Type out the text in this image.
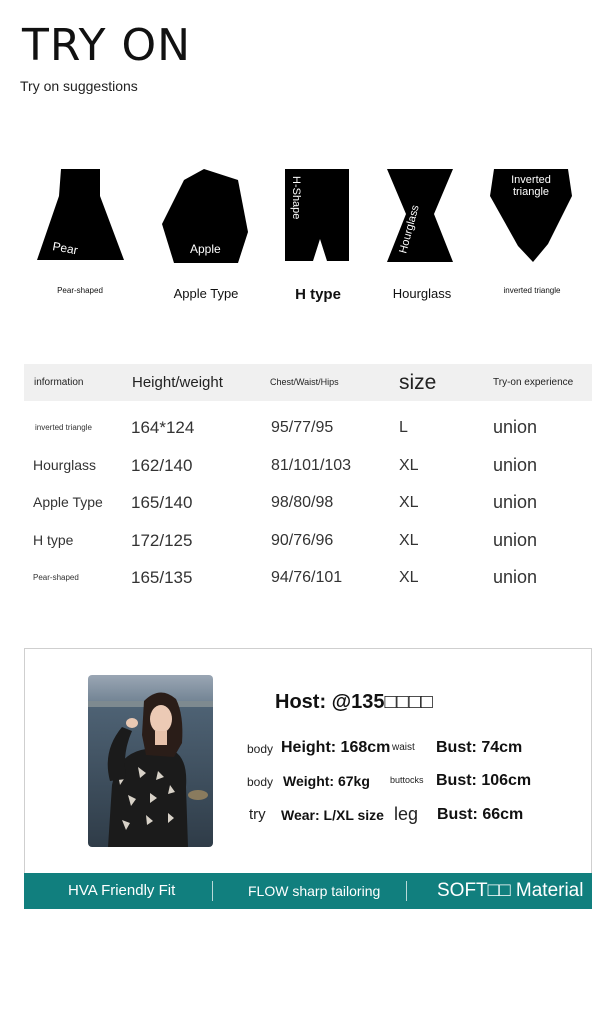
TRY ON
Try on suggestions
Pear	Apple
H-Shape
Hourglass
Inverted
triangle
Pear-shaped	Apple Type	H type	Hourglass	inverted triangle
information	Height/weight	Chest/Waist/Hips	size	Try-on experience
inverted triangle 164*124	95/77/95	L	union
Hourglass 162/140	81/101/103	XL	union
Apple Type 165/140	98/80/98	XL	union
H type	172/125	90/76/96	XL	union
Pear-shaped	165/135	94/76/101	XL	union
Host: @135□□□□
body Height: 168cm waist Bust: 74cm
body Weight: 67kg buttocks Bust: 106cm
try Wear: L/XL size leg Bust: 66cm
HVA Friendly Fit	FLOW sharp tailoring	SOFT□□ Material
